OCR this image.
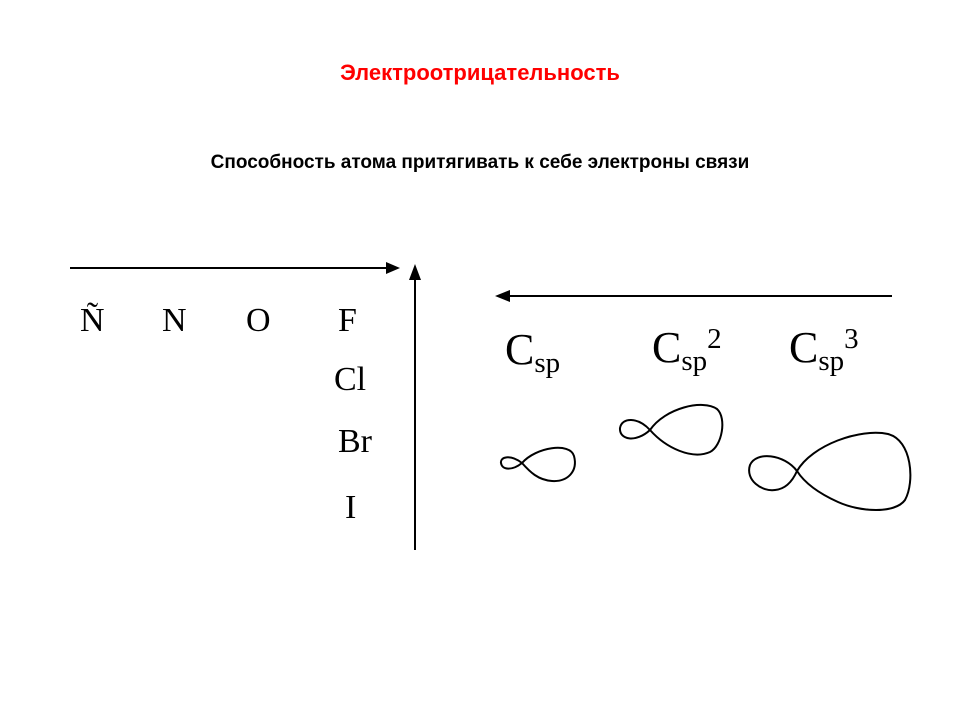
Электроотрицательность
Способность атома притягивать к себе электроны связи
Ñ N O F
Cl
Br
I
Csp Csp$^2$ Csp$^3$
